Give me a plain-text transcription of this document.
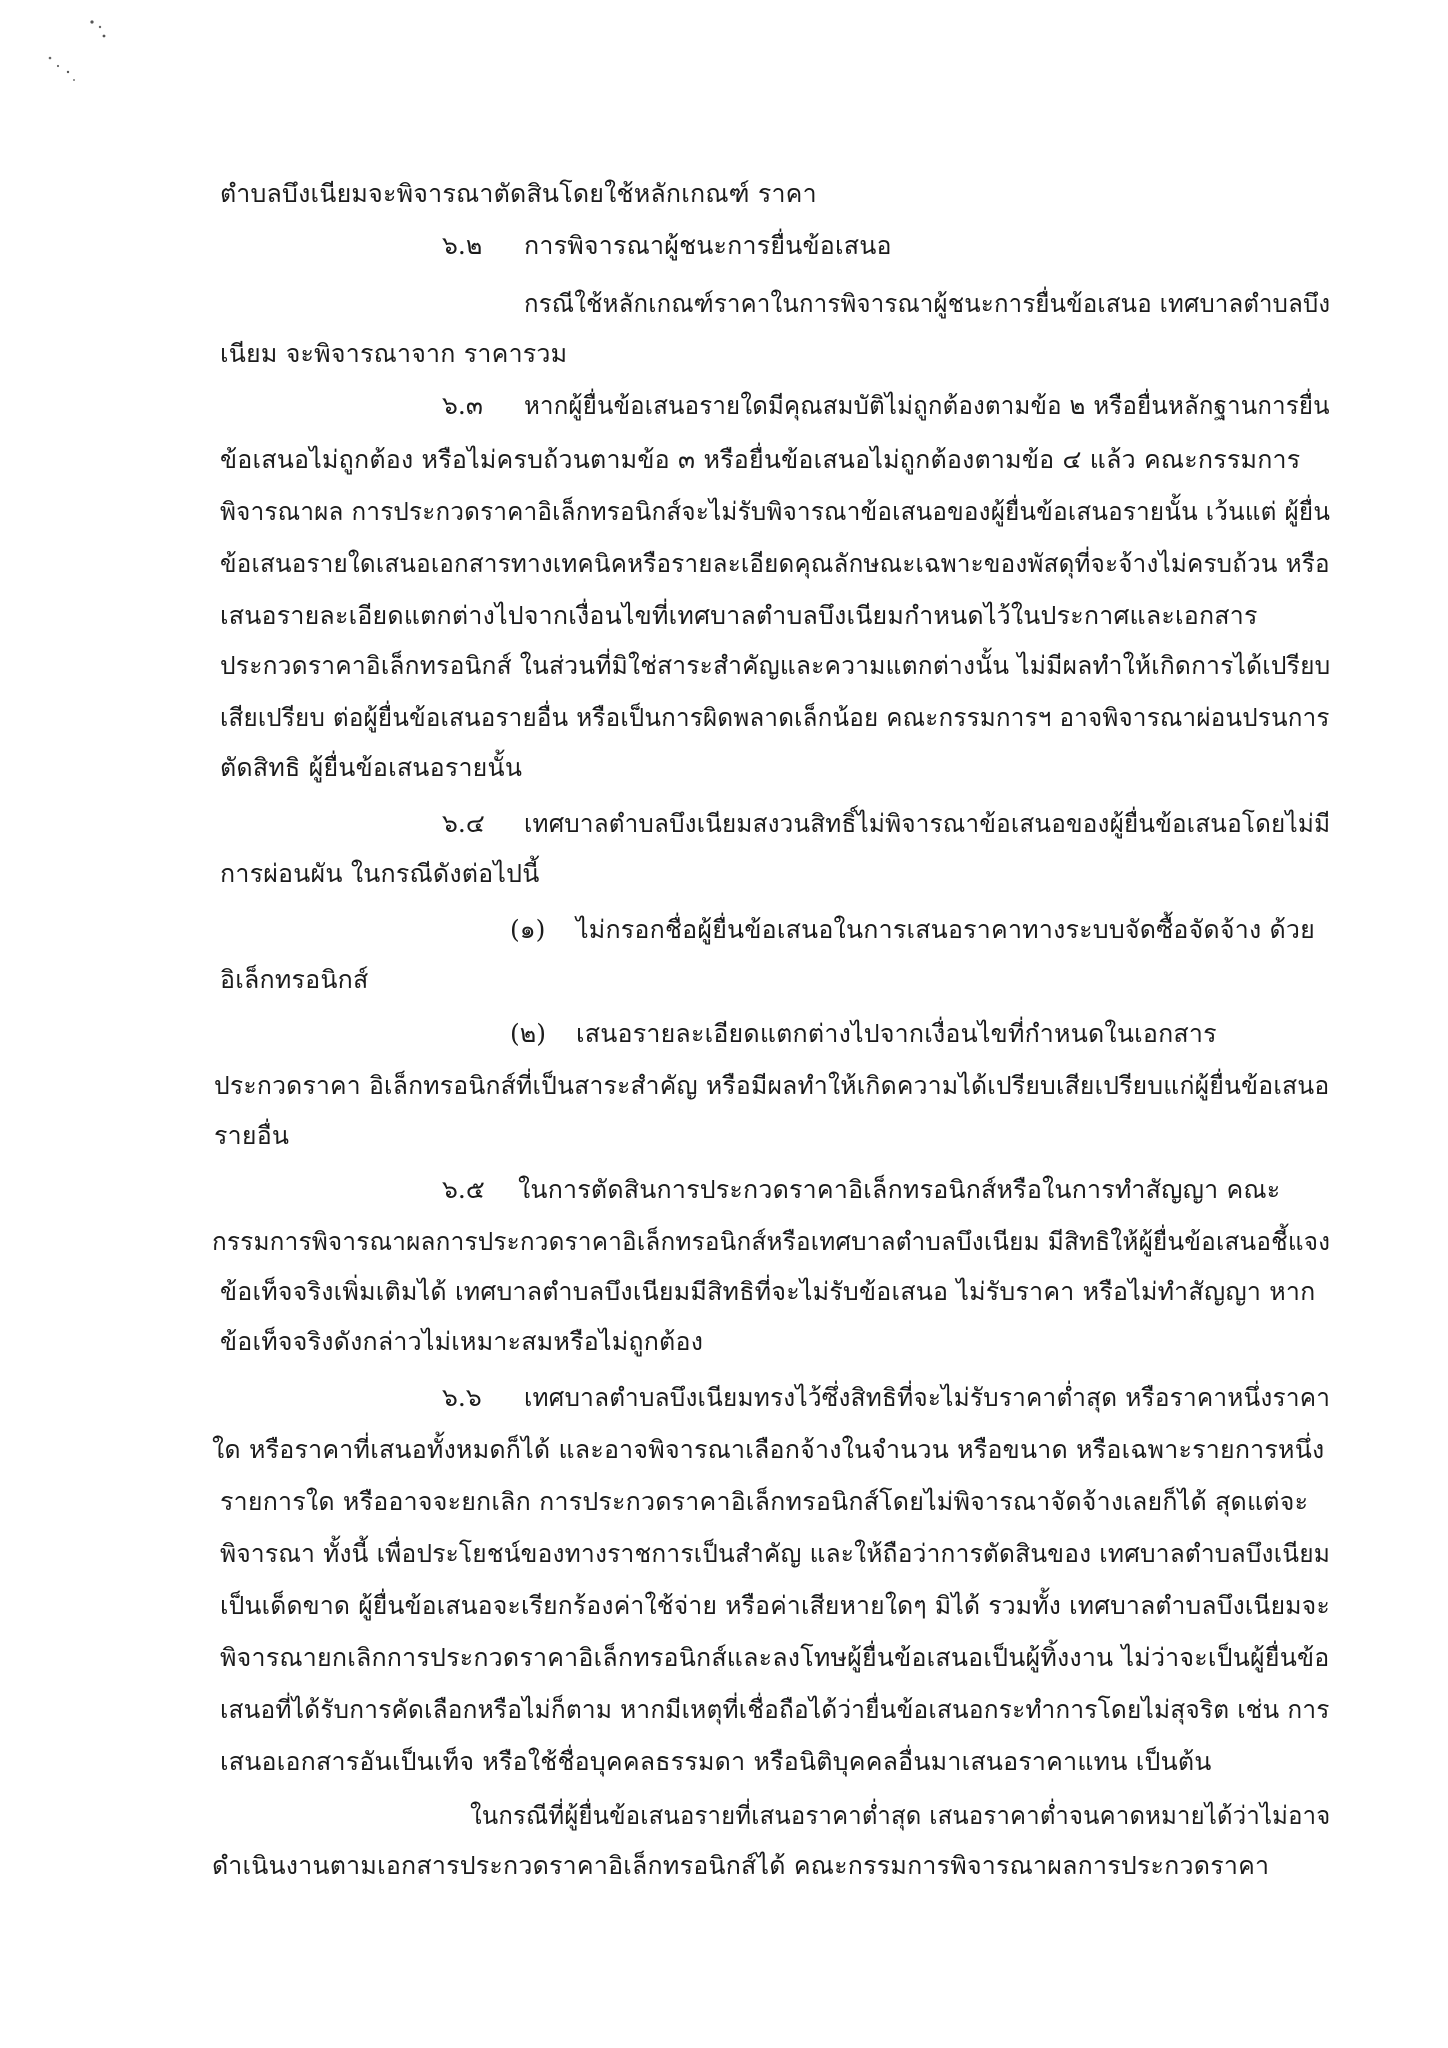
ตำบลบึงเนียมจะพิจารณาตัดสินโดยใช้หลักเกณฑ์ ราคา
๖.๒ การพิจารณาผู้ชนะการยื่นข้อเสนอ
กรณีใช้หลักเกณฑ์ราคาในการพิจารณาผู้ชนะการยื่นข้อเสนอ เทศบาลตำบลบึง
เนียม จะพิจารณาจาก ราคารวม
๖.๓ หากผู้ยื่นข้อเสนอรายใดมีคุณสมบัติไม่ถูกต้องตามข้อ ๒ หรือยื่นหลักฐานการยื่น
ข้อเสนอไม่ถูกต้อง หรือไม่ครบถ้วนตามข้อ ๓ หรือยื่นข้อเสนอไม่ถูกต้องตามข้อ ๔ แล้ว คณะกรรมการ
พิจารณาผล การประกวดราคาอิเล็กทรอนิกส์จะไม่รับพิจารณาข้อเสนอของผู้ยื่นข้อเสนอรายนั้น เว้นแต่ ผู้ยื่น
ข้อเสนอรายใดเสนอเอกสารทางเทคนิคหรือรายละเอียดคุณลักษณะเฉพาะของพัสดุที่จะจ้างไม่ครบถ้วน หรือ
เสนอรายละเอียดแตกต่างไปจากเงื่อนไขที่เทศบาลตำบลบึงเนียมกำหนดไว้ในประกาศและเอกสาร
ประกวดราคาอิเล็กทรอนิกส์ ในส่วนที่มิใช่สาระสำคัญและความแตกต่างนั้น ไม่มีผลทำให้เกิดการได้เปรียบ
เสียเปรียบ ต่อผู้ยื่นข้อเสนอรายอื่น หรือเป็นการผิดพลาดเล็กน้อย คณะกรรมการฯ อาจพิจารณาผ่อนปรนการ
ตัดสิทธิ ผู้ยื่นข้อเสนอรายนั้น
๖.๔ เทศบาลตำบลบึงเนียมสงวนสิทธิ์ไม่พิจารณาข้อเสนอของผู้ยื่นข้อเสนอโดยไม่มี
การผ่อนผัน ในกรณีดังต่อไปนี้
(๑) ไม่กรอกชื่อผู้ยื่นข้อเสนอในการเสนอราคาทางระบบจัดซื้อจัดจ้าง ด้วย
อิเล็กทรอนิกส์
(๒) เสนอรายละเอียดแตกต่างไปจากเงื่อนไขที่กำหนดในเอกสาร
ประกวดราคา อิเล็กทรอนิกส์ที่เป็นสาระสำคัญ หรือมีผลทำให้เกิดความได้เปรียบเสียเปรียบแก่ผู้ยื่นข้อเสนอ
รายอื่น
๖.๕ ในการตัดสินการประกวดราคาอิเล็กทรอนิกส์หรือในการทำสัญญา คณะ
กรรมการพิจารณาผลการประกวดราคาอิเล็กทรอนิกส์หรือเทศบาลตำบลบึงเนียม มีสิทธิให้ผู้ยื่นข้อเสนอชี้แจง
ข้อเท็จจริงเพิ่มเติมได้ เทศบาลตำบลบึงเนียมมีสิทธิที่จะไม่รับข้อเสนอ ไม่รับราคา หรือไม่ทำสัญญา หาก
ข้อเท็จจริงดังกล่าวไม่เหมาะสมหรือไม่ถูกต้อง
๖.๖ เทศบาลตำบลบึงเนียมทรงไว้ซึ่งสิทธิที่จะไม่รับราคาต่ำสุด หรือราคาหนึ่งราคา
ใด หรือราคาที่เสนอทั้งหมดก็ได้ และอาจพิจารณาเลือกจ้างในจำนวน หรือขนาด หรือเฉพาะรายการหนึ่ง
รายการใด หรืออาจจะยกเลิก การประกวดราคาอิเล็กทรอนิกส์โดยไม่พิจารณาจัดจ้างเลยก็ได้ สุดแต่จะ
พิจารณา ทั้งนี้ เพื่อประโยชน์ของทางราชการเป็นสำคัญ และให้ถือว่าการตัดสินของ เทศบาลตำบลบึงเนียม
เป็นเด็ดขาด ผู้ยื่นข้อเสนอจะเรียกร้องค่าใช้จ่าย หรือค่าเสียหายใดๆ มิได้ รวมทั้ง เทศบาลตำบลบึงเนียมจะ
พิจารณายกเลิกการประกวดราคาอิเล็กทรอนิกส์และลงโทษผู้ยื่นข้อเสนอเป็นผู้ทิ้งงาน ไม่ว่าจะเป็นผู้ยื่นข้อ
เสนอที่ได้รับการคัดเลือกหรือไม่ก็ตาม หากมีเหตุที่เชื่อถือได้ว่ายื่นข้อเสนอกระทำการโดยไม่สุจริต เช่น การ
เสนอเอกสารอันเป็นเท็จ หรือใช้ชื่อบุคคลธรรมดา หรือนิติบุคคลอื่นมาเสนอราคาแทน เป็นต้น
ในกรณีที่ผู้ยื่นข้อเสนอรายที่เสนอราคาต่ำสุด เสนอราคาต่ำจนคาดหมายได้ว่าไม่อาจ
ดำเนินงานตามเอกสารประกวดราคาอิเล็กทรอนิกส์ได้ คณะกรรมการพิจารณาผลการประกวดราคา
